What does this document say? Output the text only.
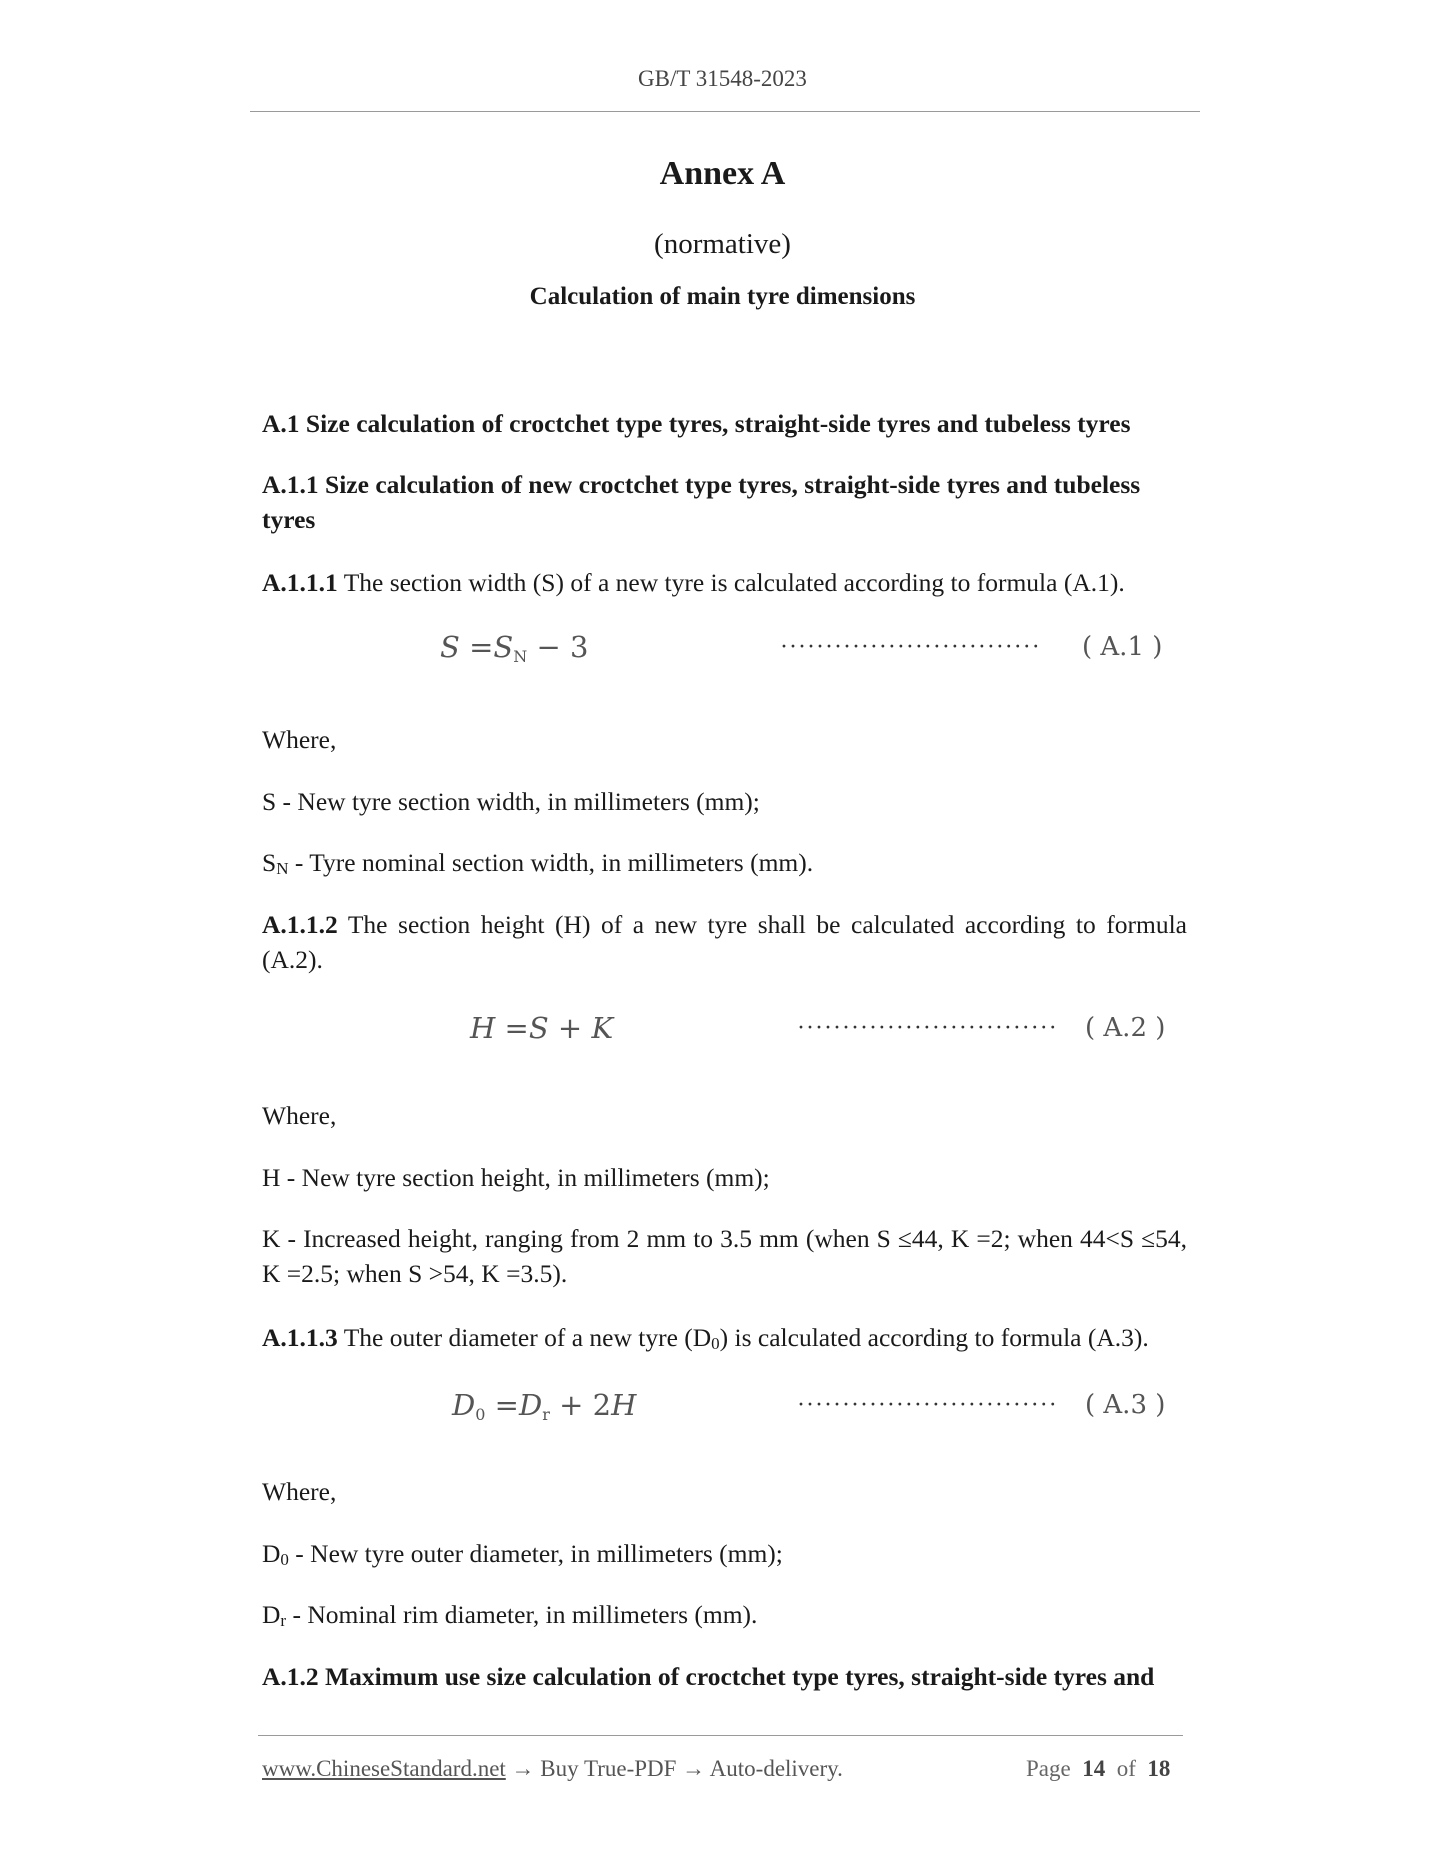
GB/T 31548-2023
Annex A
(normative)
Calculation of main tyre dimensions
A.1 Size calculation of croctchet type tyres, straight-side tyres and tubeless tyres
A.1.1 Size calculation of new croctchet type tyres, straight-side tyres and tubeless tyres
A.1.1.1 The section width (S) of a new tyre is calculated according to formula (A.1).
S =SN − 3	····························· ( A.1 )
Where,
S - New tyre section width, in millimeters (mm);
SN - Tyre nominal section width, in millimeters (mm).
A.1.1.2 The section height (H) of a new tyre shall be calculated according to formula (A.2).
H =S + K	····························· ( A.2 )
Where,
H - New tyre section height, in millimeters (mm);
K - Increased height, ranging from 2 mm to 3.5 mm (when S ≤44, K =2; when 44<S ≤54, K =2.5; when S >54, K =3.5).
A.1.1.3 The outer diameter of a new tyre (D0) is calculated according to formula (A.3).
D0 =Dr + 2H	····························· ( A.3 )
Where,
D0 - New tyre outer diameter, in millimeters (mm);
Dr - Nominal rim diameter, in millimeters (mm).
A.1.2 Maximum use size calculation of croctchet type tyres, straight-side tyres and
www.ChineseStandard.net → Buy True-PDF → Auto-delivery.	Page 14 of 18
